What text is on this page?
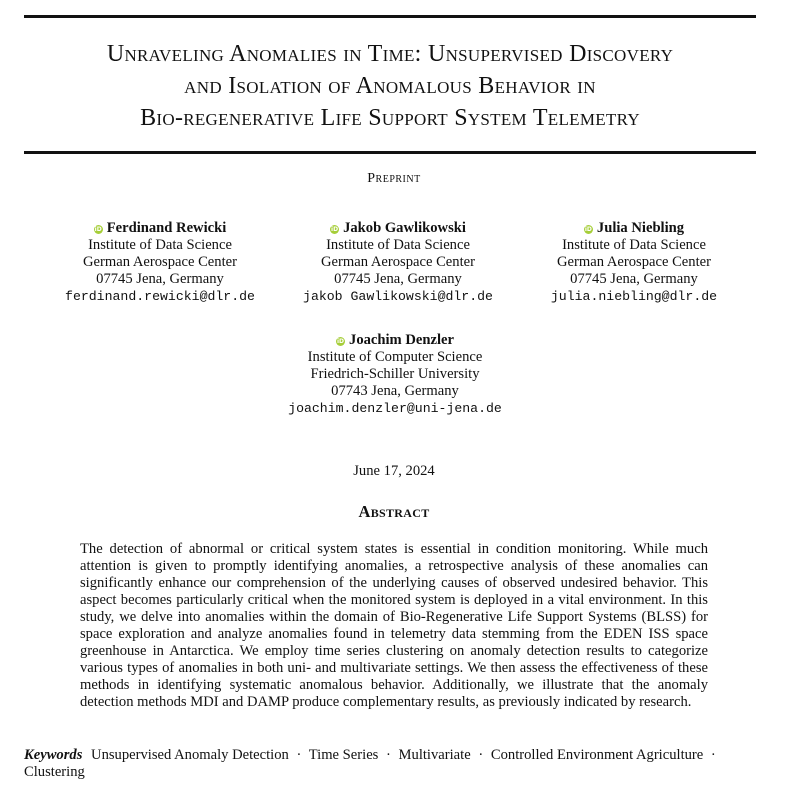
Unraveling Anomalies in Time: Unsupervised Discovery
and Isolation of Anomalous Behavior in
Bio-regenerative Life Support System Telemetry
Preprint
iD Ferdinand Rewicki
Institute of Data Science
German Aerospace Center
07745 Jena, Germany
ferdinand.rewicki@dlr.de
iD Jakob Gawlikowski
Institute of Data Science
German Aerospace Center
07745 Jena, Germany
jakob Gawlikowski@dlr.de
iD Julia Niebling
Institute of Data Science
German Aerospace Center
07745 Jena, Germany
julia.niebling@dlr.de
iD Joachim Denzler
Institute of Computer Science
Friedrich-Schiller University
07743 Jena, Germany
joachim.denzler@uni-jena.de
June 17, 2024
Abstract

The detection of abnormal or critical system states is essential in condition monitoring. While much attention is given to promptly identifying anomalies, a retrospective analysis of these anomalies can significantly enhance our comprehension of the underlying causes of observed undesired behavior. This aspect becomes particularly critical when the monitored system is deployed in a vital environment. In this study, we delve into anomalies within the domain of Bio-Regenerative Life Support Systems (BLSS) for space exploration and analyze anomalies found in telemetry data stemming from the EDEN ISS space greenhouse in Antarctica. We employ time series clustering on anomaly detection results to categorize various types of anomalies in both uni- and multivariate settings. We then assess the effectiveness of these methods in identifying systematic anomalous behavior. Additionally, we illustrate that the anomaly detection methods MDI and DAMP produce complementary results, as previously indicated by research.

Keywords Unsupervised Anomaly Detection · Time Series · Multivariate · Controlled Environment Agriculture · Clustering
